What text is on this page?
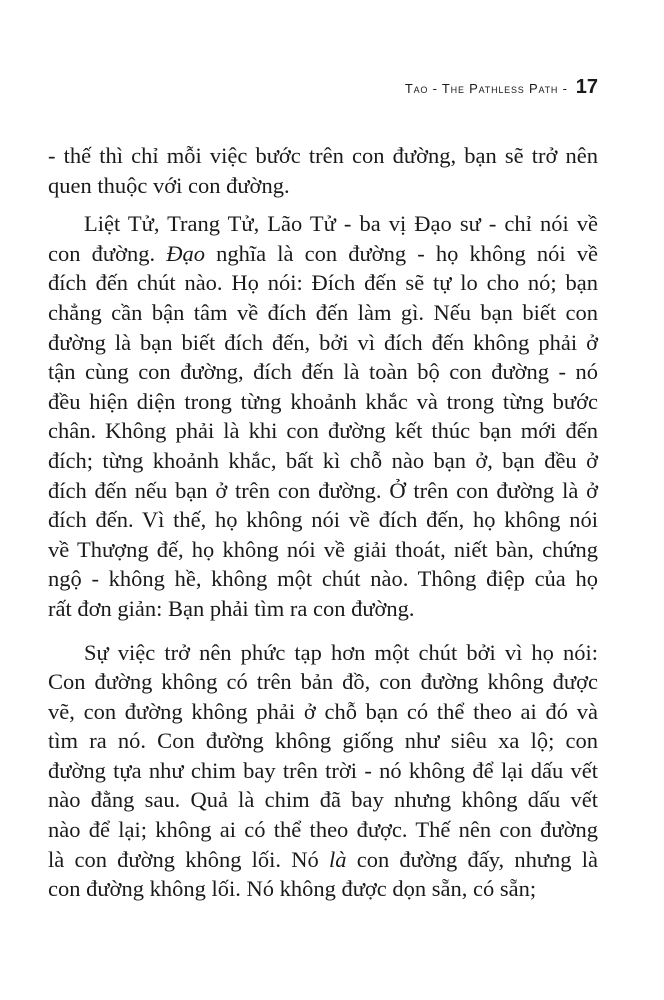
Tao - The Pathless Path - 17
- thế thì chỉ mỗi việc bước trên con đường, bạn sẽ trở nên
quen thuộc với con đường.
Liệt Tử, Trang Tử, Lão Tử - ba vị Đạo sư - chỉ nói về
con đường. Đạo nghĩa là con đường - họ không nói về
đích đến chút nào. Họ nói: Đích đến sẽ tự lo cho nó; bạn
chẳng cần bận tâm về đích đến làm gì. Nếu bạn biết con
đường là bạn biết đích đến, bởi vì đích đến không phải ở
tận cùng con đường, đích đến là toàn bộ con đường - nó
đều hiện diện trong từng khoảnh khắc và trong từng bước
chân. Không phải là khi con đường kết thúc bạn mới đến
đích; từng khoảnh khắc, bất kì chỗ nào bạn ở, bạn đều ở
đích đến nếu bạn ở trên con đường. Ở trên con đường là ở
đích đến. Vì thế, họ không nói về đích đến, họ không nói
về Thượng đế, họ không nói về giải thoát, niết bàn, chứng
ngộ - không hề, không một chút nào. Thông điệp của họ
rất đơn giản: Bạn phải tìm ra con đường.
Sự việc trở nên phức tạp hơn một chút bởi vì họ nói:
Con đường không có trên bản đồ, con đường không được
vẽ, con đường không phải ở chỗ bạn có thể theo ai đó và
tìm ra nó. Con đường không giống như siêu xa lộ; con
đường tựa như chim bay trên trời - nó không để lại dấu vết
nào đằng sau. Quả là chim đã bay nhưng không dấu vết
nào để lại; không ai có thể theo được. Thế nên con đường
là con đường không lối. Nó là con đường đấy, nhưng là
con đường không lối. Nó không được dọn sẵn, có sẵn;
